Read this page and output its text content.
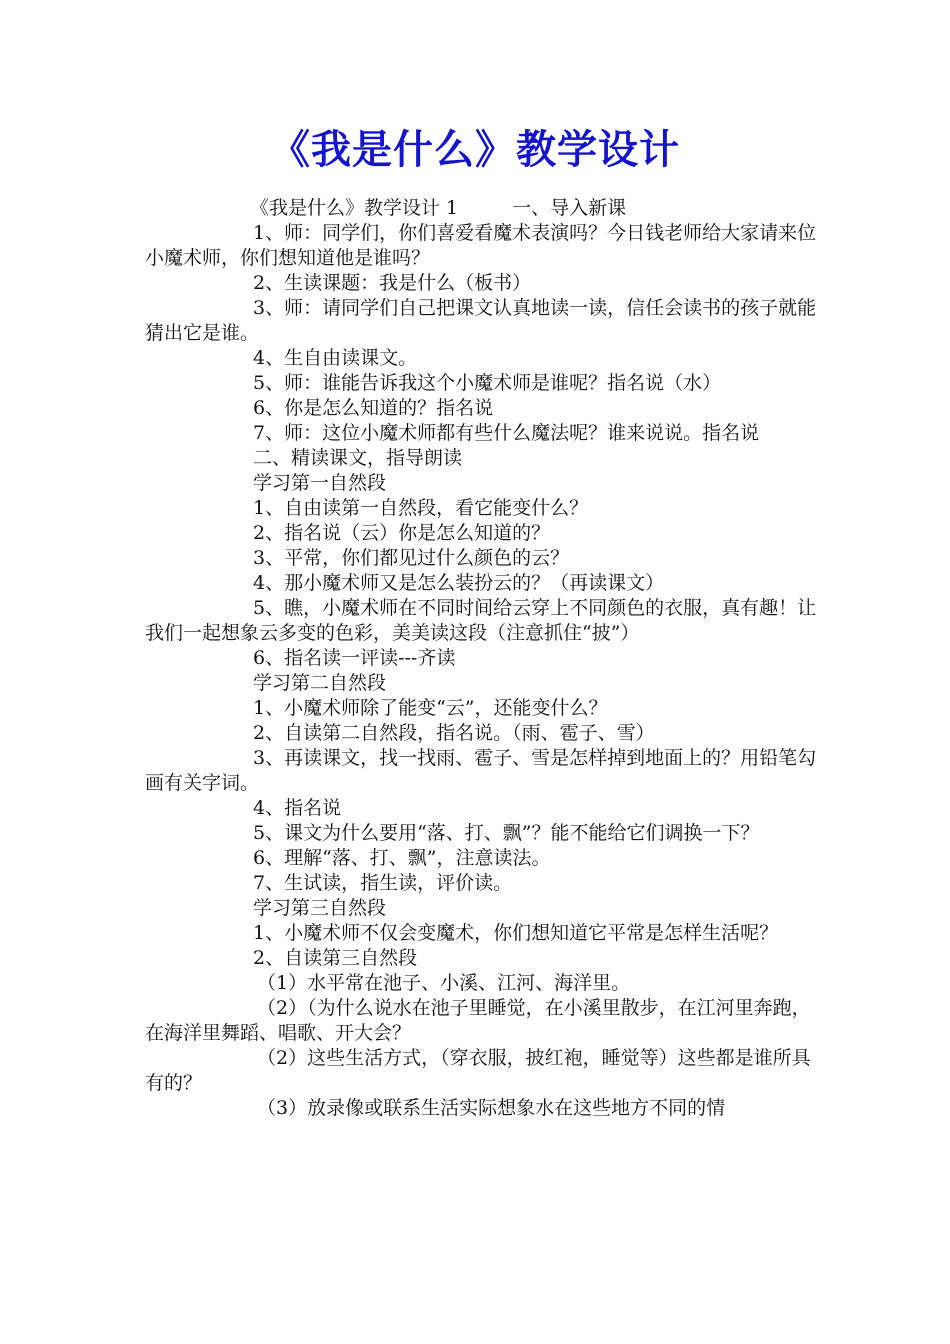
《我是什么》教学设计

《我是什么》教学设计 1	一、导入新课

1、师：同学们，你们喜爱看魔术表演吗？今日钱老师给大家请来位小魔术师，你们想知道他是谁吗？

2、生读课题：我是什么（板书）

3、师：请同学们自己把课文认真地读一读，信任会读书的孩子就能猜出它是谁。

4、生自由读课文。

5、师：谁能告诉我这个小魔术师是谁呢？指名说（水）

6、你是怎么知道的？指名说

7、师：这位小魔术师都有些什么魔法呢？谁来说说。指名说

二、精读课文，指导朗读

学习第一自然段

1、自由读第一自然段，看它能变什么？

2、指名说（云）你是怎么知道的？

3、平常，你们都见过什么颜色的云？

4、那小魔术师又是怎么装扮云的？（再读课文）

5、瞧，小魔术师在不同时间给云穿上不同颜色的衣服，真有趣！让我们一起想象云多变的色彩，美美读这段（注意抓住“披”）

6、指名读一评读---齐读

学习第二自然段

1、小魔术师除了能变“云”，还能变什么？

2、自读第二自然段，指名说。（雨、雹子、雪）

3、再读课文，找一找雨、雹子、雪是怎样掉到地面上的？用铅笔勾画有关字词。

4、指名说

5、课文为什么要用“落、打、飘”？能不能给它们调换一下？

6、理解“落、打、飘”，注意读法。

7、生试读，指生读，评价读。

学习第三自然段

1、小魔术师不仅会变魔术，你们想知道它平常是怎样生活呢？

2、自读第三自然段

（1）水平常在池子、小溪、江河、海洋里。

（2）（为什么说水在池子里睡觉，在小溪里散步，在江河里奔跑，在海洋里舞蹈、唱歌、开大会？

（2）这些生活方式，（穿衣服，披红袍，睡觉等）这些都是谁所具有的？

（3）放录像或联系生活实际想象水在这些地方不同的情
